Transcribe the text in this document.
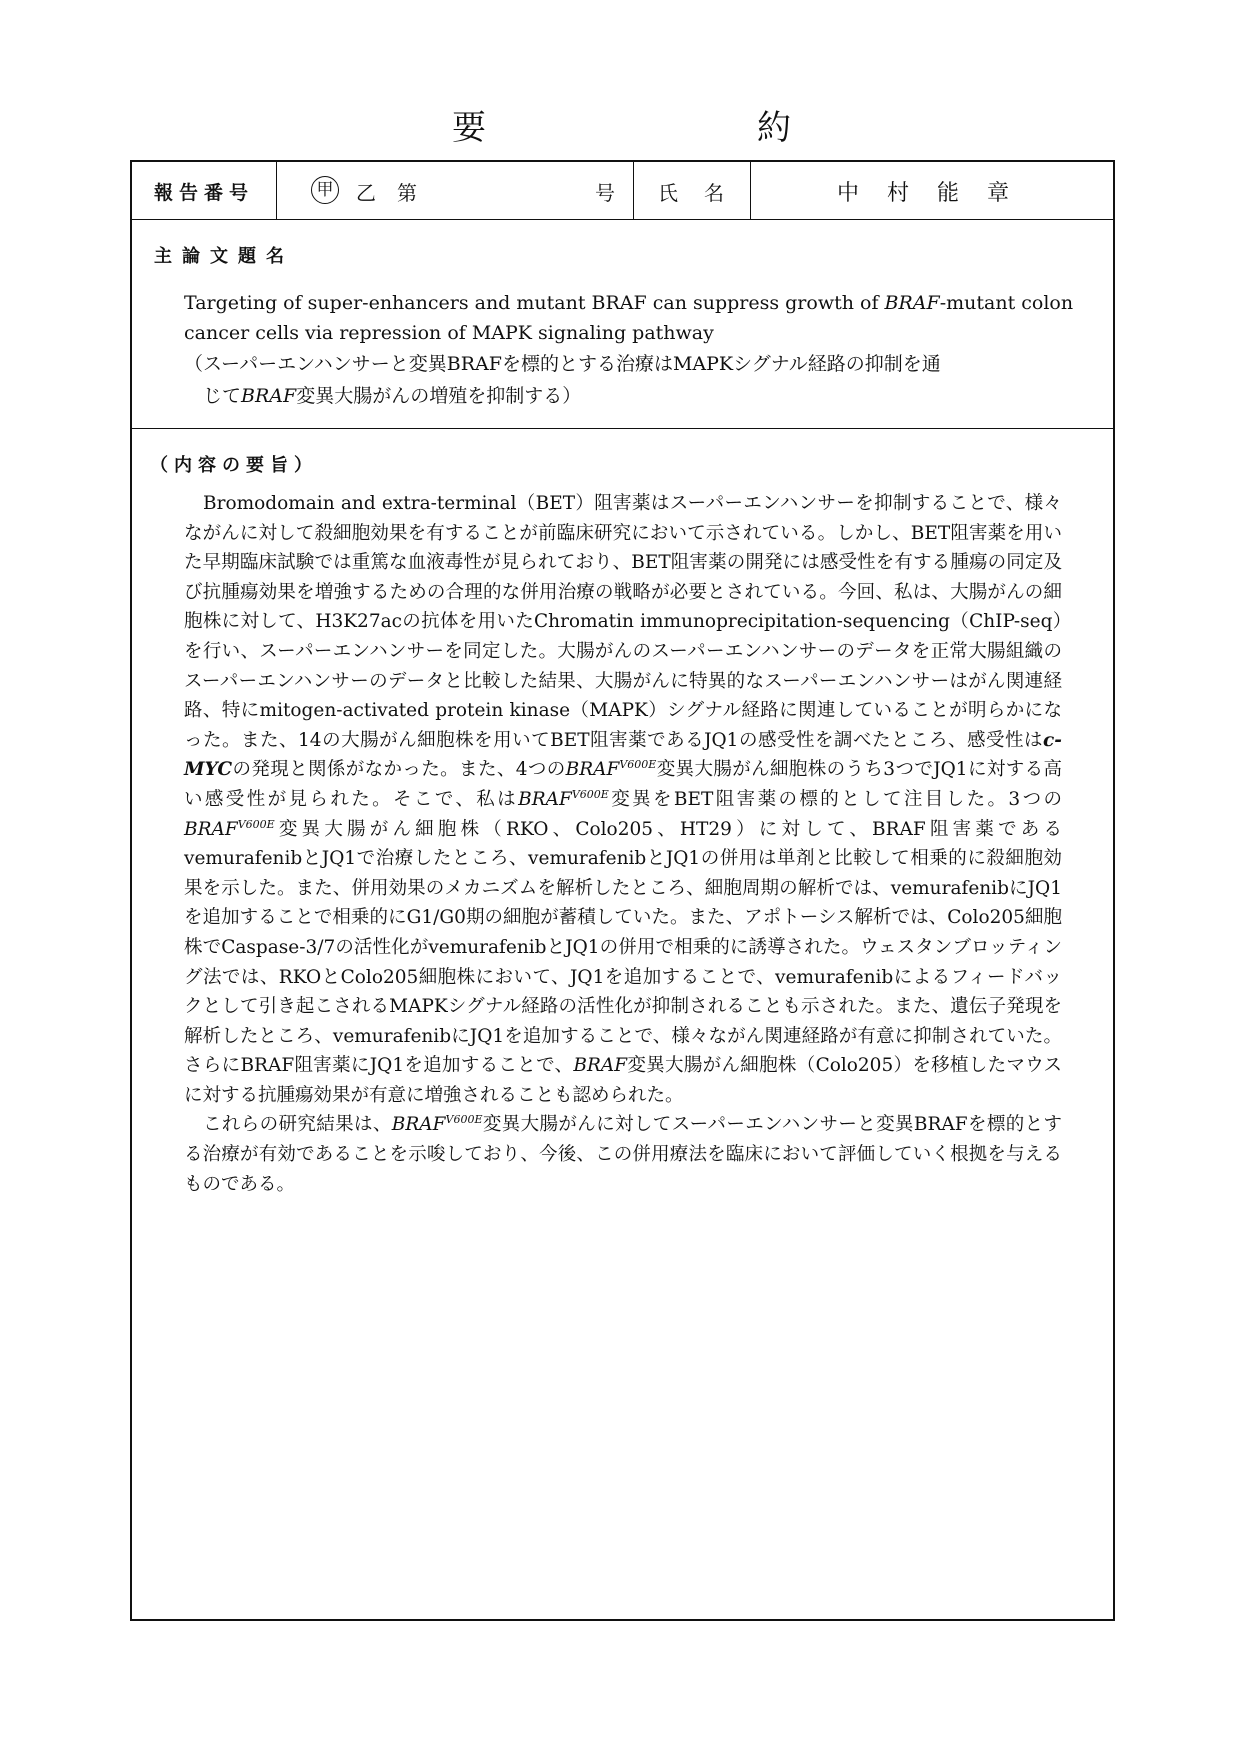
要	約
報告番号	甲 乙 第	号 氏名	中村能章
主論文題名
Targeting of super-enhancers and mutant BRAF can suppress growth of BRAF-mutant colon cancer cells via repression of MAPK signaling pathway
（スーパーエンハンサーと変異BRAFを標的とする治療はMAPKシグナル経路の抑制を通
じてBRAF変異大腸がんの増殖を抑制する）
（内容の要旨）

Bromodomain and extra-terminal（BET）阻害薬はスーパーエンハンサーを抑制することで、様々ながんに対して殺細胞効果を有することが前臨床研究において示されている。しかし、BET阻害薬を用いた早期臨床試験では重篤な血液毒性が見られており、BET阻害薬の開発には感受性を有する腫瘍の同定及び抗腫瘍効果を増強するための合理的な併用治療の戦略が必要とされている。今回、私は、大腸がんの細胞株に対して、H3K27acの抗体を用いたChromatin immunoprecipitation-sequencing（ChIP-seq）を行い、スーパーエンハンサーを同定した。大腸がんのスーパーエンハンサーのデータを正常大腸組織のスーパーエンハンサーのデータと比較した結果、大腸がんに特異的なスーパーエンハンサーはがん関連経路、特にmitogen-activated protein kinase（MAPK）シグナル経路に関連していることが明らかになった。また、14の大腸がん細胞株を用いてBET阻害薬であるJQ1の感受性を調べたところ、感受性はc-MYCの発現と関係がなかった。また、4つの$BRAF^{V600E}$変異大腸がん細胞株のうち3つでJQ1に対する高い感受性が見られた。そこで、私は$BRAF^{V600E}$変異をBET阻害薬の標的として注目した。3つの$BRAF^{V600E}$変異大腸がん細胞株（RKO、Colo205、HT29）に対して、BRAF阻害薬であるvemurafenibとJQ1で治療したところ、vemurafenibとJQ1の併用は単剤と比較して相乗的に殺細胞効果を示した。また、併用効果のメカニズムを解析したところ、細胞周期の解析では、vemurafenibにJQ1を追加することで相乗的にG1/G0期の細胞が蓄積していた。また、アポトーシス解析では、Colo205細胞株でCaspase-3/7の活性化がvemurafenibとJQ1の併用で相乗的に誘導された。ウェスタンブロッティング法では、RKOとColo205細胞株において、JQ1を追加することで、vemurafenibによるフィードバックとして引き起こされるMAPKシグナル経路の活性化が抑制されることも示された。また、遺伝子発現を解析したところ、vemurafenibにJQ1を追加することで、様々ながん関連経路が有意に抑制されていた。さらにBRAF阻害薬にJQ1を追加することで、BRAF変異大腸がん細胞株（Colo205）を移植したマウスに対する抗腫瘍効果が有意に増強されることも認められた。

これらの研究結果は、$BRAF^{V600E}$変異大腸がんに対してスーパーエンハンサーと変異BRAFを標的とする治療が有効であることを示唆しており、今後、この併用療法を臨床において評価していく根拠を与えるものである。
